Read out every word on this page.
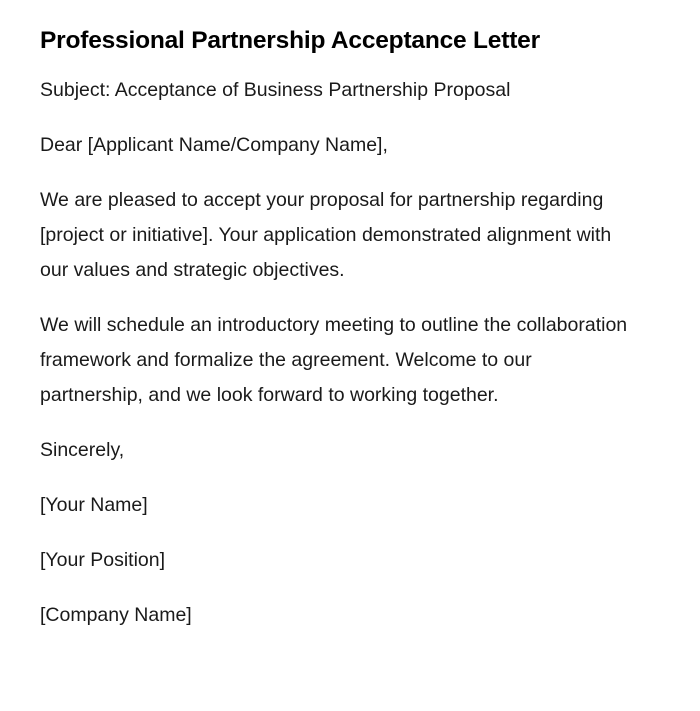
Professional Partnership Acceptance Letter

Subject: Acceptance of Business Partnership Proposal

Dear [Applicant Name/Company Name],

We are pleased to accept your proposal for partnership regarding [project or initiative]. Your application demonstrated alignment with our values and strategic objectives.

We will schedule an introductory meeting to outline the collaboration framework and formalize the agreement. Welcome to our partnership, and we look forward to working together.

Sincerely,

[Your Name]

[Your Position]

[Company Name]
